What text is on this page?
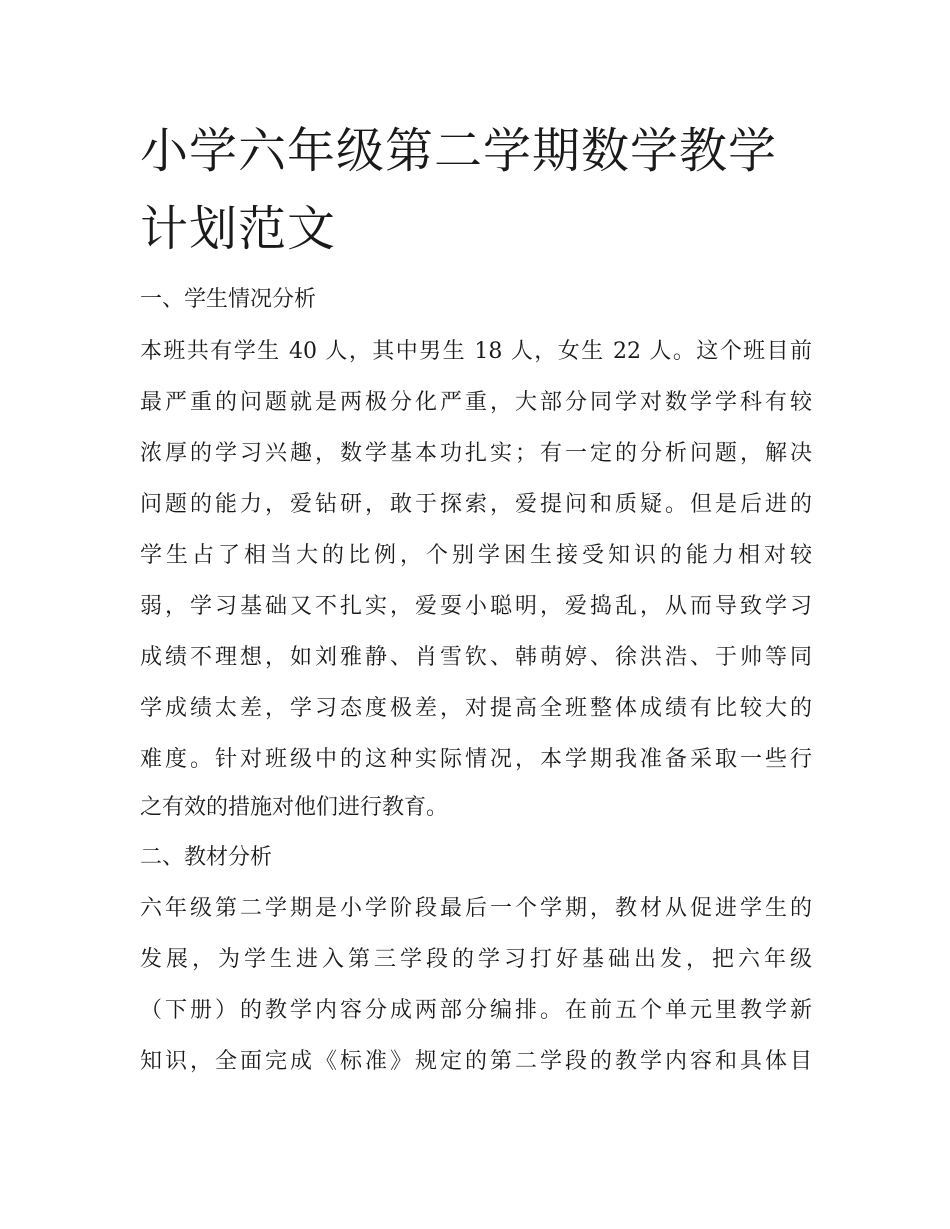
小学六年级第二学期数学教学
计划范文
一、学生情况分析

本班共有学生 40 人，其中男生 18 人，女生 22 人。这个班目前

最严重的问题就是两极分化严重，大部分同学对数学学科有较

浓厚的学习兴趣，数学基本功扎实；有一定的分析问题，解决

问题的能力，爱钻研，敢于探索，爱提问和质疑。但是后进的

学生占了相当大的比例，个别学困生接受知识的能力相对较

弱，学习基础又不扎实，爱耍小聪明，爱捣乱，从而导致学习

成绩不理想，如刘雅静、肖雪钦、韩萌婷、徐洪浩、于帅等同

学成绩太差，学习态度极差，对提高全班整体成绩有比较大的

难度。针对班级中的这种实际情况，本学期我准备采取一些行

之有效的措施对他们进行教育。

二、教材分析

六年级第二学期是小学阶段最后一个学期，教材从促进学生的

发展，为学生进入第三学段的学习打好基础出发，把六年级

（下册）的教学内容分成两部分编排。在前五个单元里教学新

知识，全面完成《标准》规定的第二学段的教学内容和具体目
